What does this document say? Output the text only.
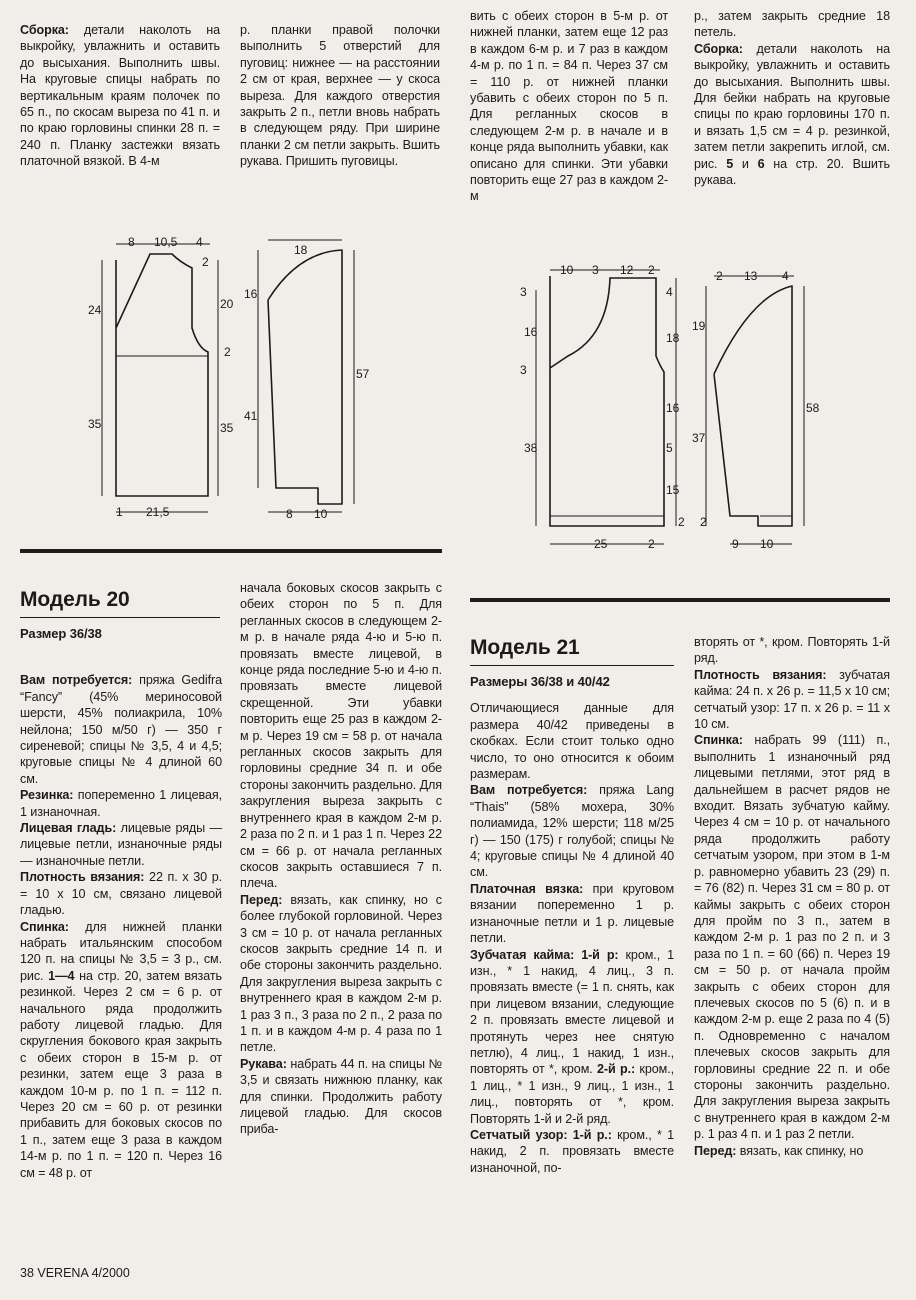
Сборка: детали наколоть на выкройку, увлажнить и оставить до высыхания. Выполнить швы. На круговые спицы набрать по вертикальным краям полочек по 65 п., по скосам выреза по 41 п. и по краю горловины спинки 28 п. = 240 п. Планку застежки вязать платочной вязкой. В 4-м

р. планки правой полочки выполнить 5 отверстий для пуговиц: нижнее — на расстоянии 2 см от края, верхнее — у скоса выреза. Для каждого отверстия закрыть 2 п., петли вновь набрать в следующем ряду. При ширине планки 2 см петли закрыть. Вшить рукава. Пришить пуговицы.

вить с обеих сторон в 5-м р. от нижней планки, затем еще 12 раз в каждом 6-м р. и 7 раз в каждом 4-м р. по 1 п. = 84 п. Через 37 см = 110 р. от нижней планки убавить с обеих сторон по 5 п. Для регланных скосов в следующем 2-м р. в начале и в конце ряда выполнить убавки, как описано для спинки. Эти убавки повторить еще 27 раз в каждом 2-м

р., затем закрыть средние 18 петель.
Сборка: детали наколоть на выкройку, увлажнить и оставить до высыхания. Выполнить швы. Для бейки набрать на круговые спицы по краю горловины 170 п. и вязать 1,5 см = 4 р. резинкой, затем петли закрепить иглой, см. рис. 5 и 6 на стр. 20. Вшить рукава.

8 10,5 4
2
20
2
24
35	35
1 21,5
18
16
57
41
8 10
10 3 12 2
3
16
3
38
4
18
16
5
15
2
25	2
2 13 4
19
37
58
2
9 10

Модель 20

Размер 36/38

Вам потребуется: пряжа Gedifra “Fancy” (45% мериносовой шерсти, 45% полиакрила, 10% нейлона; 150 м/50 г) — 350 г сиреневой; спицы № 3,5, 4 и 4,5; круговые спицы № 4 длиной 60 см.
Резинка: попеременно 1 лицевая, 1 изнаночная.
Лицевая гладь: лицевые ряды — лицевые петли, изнаночные ряды — изнаночные петли.
Плотность вязания: 22 п. х 30 р. = 10 х 10 см, связано лицевой гладью.
Спинка: для нижней планки набрать итальянским способом 120 п. на спицы № 3,5 = 3 р., см. рис. 1—4 на стр. 20, затем вязать резинкой. Через 2 см = 6 р. от начального ряда продолжить работу лицевой гладью. Для скругления бокового края закрыть с обеих сторон в 15-м р. от резинки, затем еще 3 раза в каждом 10-м р. по 1 п. = 112 п. Через 20 см = 60 р. от резинки прибавить для боковых скосов по 1 п., затем еще 3 раза в каждом 14-м р. по 1 п. = 120 п. Через 16 см = 48 р. от

начала боковых скосов закрыть с обеих сторон по 5 п. Для регланных скосов в следующем 2-м р. в начале ряда 4-ю и 5-ю п. провязать вместе лицевой, в конце ряда последние 5-ю и 4-ю п. провязать вместе лицевой скрещенной. Эти убавки повторить еще 25 раз в каждом 2-м р. Через 19 см = 58 р. от начала регланных скосов закрыть для горловины средние 34 п. и обе стороны закончить раздельно. Для закругления выреза закрыть с внутреннего края в каждом 2-м р. 2 раза по 2 п. и 1 раз 1 п. Через 22 см = 66 р. от начала регланных скосов закрыть оставшиеся 7 п. плеча.
Перед: вязать, как спинку, но с более глубокой горловиной. Через 3 см = 10 р. от начала регланных скосов закрыть средние 14 п. и обе стороны закончить раздельно. Для закругления выреза закрыть с внутреннего края в каждом 2-м р. 1 раз 3 п., 3 раза по 2 п., 2 раза по 1 п. и в каждом 4-м р. 4 раза по 1 петле.
Рукава: набрать 44 п. на спицы № 3,5 и связать нижнюю планку, как для спинки. Продолжить работу лицевой гладью. Для скосов приба-

Модель 21

Размеры 36/38 и 40/42

Отличающиеся данные для размера 40/42 приведены в скобках. Если стоит только одно число, то оно относится к обоим размерам.
Вам потребуется: пряжа Lang “Thais” (58% мохера, 30% полиамида, 12% шерсти; 118 м/25 г) — 150 (175) г голубой; спицы № 4; круговые спицы № 4 длиной 40 см.
Платочная вязка: при круговом вязании попеременно 1 р. изнаночные петли и 1 р. лицевые петли.
Зубчатая кайма: 1-й р: кром., 1 изн., * 1 накид, 4 лиц., 3 п. провязать вместе (= 1 п. снять, как при лицевом вязании, следующие 2 п. провязать вместе лицевой и протянуть через нее снятую петлю), 4 лиц., 1 накид, 1 изн., повторять от *, кром. 2-й р.: кром., 1 лиц., * 1 изн., 9 лиц., 1 изн., 1 лиц., повторять от *, кром. Повторять 1-й и 2-й ряд.
Сетчатый узор: 1-й р.: кром., * 1 накид, 2 п. провязать вместе изнаночной, по-

вторять от *, кром. Повторять 1-й ряд.
Плотность вязания: зубчатая кайма: 24 п. х 26 р. = 11,5 х 10 см; сетчатый узор: 17 п. х 26 р. = 11 х 10 см.
Спинка: набрать 99 (111) п., выполнить 1 изнаночный ряд лицевыми петлями, этот ряд в дальнейшем в расчет рядов не входит. Вязать зубчатую кайму. Через 4 см = 10 р. от начального ряда продолжить работу сетчатым узором, при этом в 1-м р. равномерно убавить 23 (29) п. = 76 (82) п. Через 31 см = 80 р. от каймы закрыть с обеих сторон для пройм по 3 п., затем в каждом 2-м р. 1 раз по 2 п. и 3 раза по 1 п. = 60 (66) п. Через 19 см = 50 р. от начала пройм закрыть с обеих сторон для плечевых скосов по 5 (6) п. и в каждом 2-м р. еще 2 раза по 4 (5) п. Одновременно с началом плечевых скосов закрыть для горловины средние 22 п. и обе стороны закончить раздельно. Для закругления выреза закрыть с внутреннего края в каждом 2-м р. 1 раз 4 п. и 1 раз 2 петли.
Перед: вязать, как спинку, но

38 VERENA 4/2000
